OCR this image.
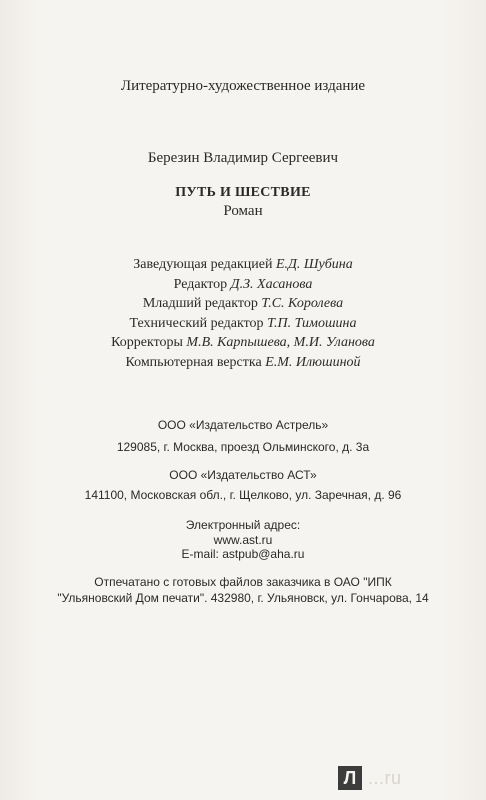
Литературно-художественное издание
Березин Владимир Сергеевич
ПУТЬ И ШЕСТВИЕ
Роман
Заведующая редакцией Е.Д. Шубина
Редактор Д.З. Хасанова
Младший редактор Т.С. Королева
Технический редактор Т.П. Тимошина
Корректоры М.В. Карпышева, М.И. Уланова
Компьютерная верстка Е.М. Илюшиной
ООО «Издательство Астрель»
129085, г. Москва, проезд Ольминского, д. 3а
ООО «Издательство АСТ»
141100, Московская обл., г. Щелково, ул. Заречная, д. 96
Электронный адрес:
www.ast.ru
E-mail: astpub@aha.ru
Отпечатано с готовых файлов заказчика в ОАО "ИПК
"Ульяновский Дом печати". 432980, г. Ульяновск, ул. Гончарова, 14
Л ...ru
